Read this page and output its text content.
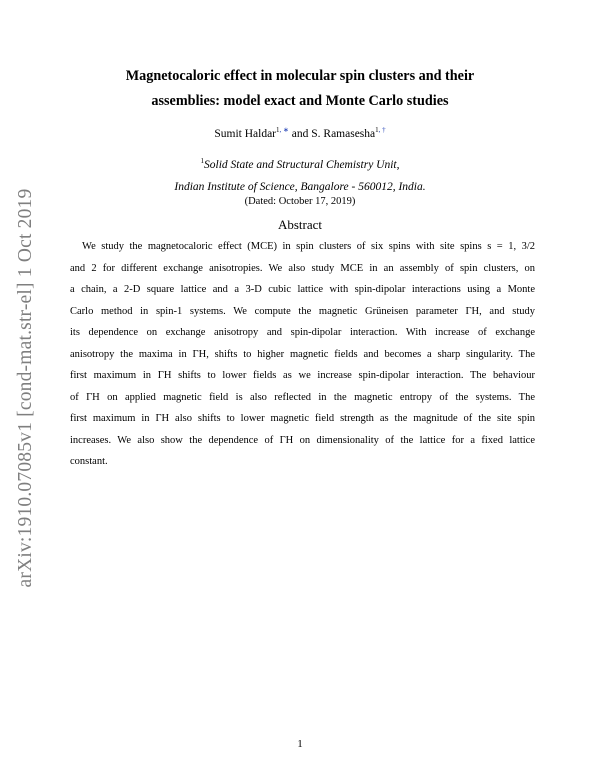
arXiv:1910.07085v1 [cond-mat.str-el] 1 Oct 2019
Magnetocaloric effect in molecular spin clusters and their
assemblies: model exact and Monte Carlo studies
Sumit Haldar$^{1, ∗}$ and S. Ramasesha$^{1, \dagger}$
$^1$Solid State and Structural Chemistry Unit,
Indian Institute of Science, Bangalore - 560012, India.
(Dated: October 17, 2019)
Abstract
We study the magnetocaloric effect (MCE) in spin clusters of six spins with site spins s = 1, 3/2
and 2 for different exchange anisotropies. We also study MCE in an assembly of spin clusters, on
a chain, a 2-D square lattice and a 3-D cubic lattice with spin-dipolar interactions using a Monte
Carlo method in spin-1 systems. We compute the magnetic Grüneisen parameter ΓH, and study
its dependence on exchange anisotropy and spin-dipolar interaction. With increase of exchange
anisotropy the maxima in ΓH, shifts to higher magnetic fields and becomes a sharp singularity. The
first maximum in ΓH shifts to lower fields as we increase spin-dipolar interaction. The behaviour
of ΓH on applied magnetic field is also reflected in the magnetic entropy of the systems. The
first maximum in ΓH also shifts to lower magnetic field strength as the magnitude of the site spin
increases. We also show the dependence of ΓH on dimensionality of the lattice for a fixed lattice
constant.
1
